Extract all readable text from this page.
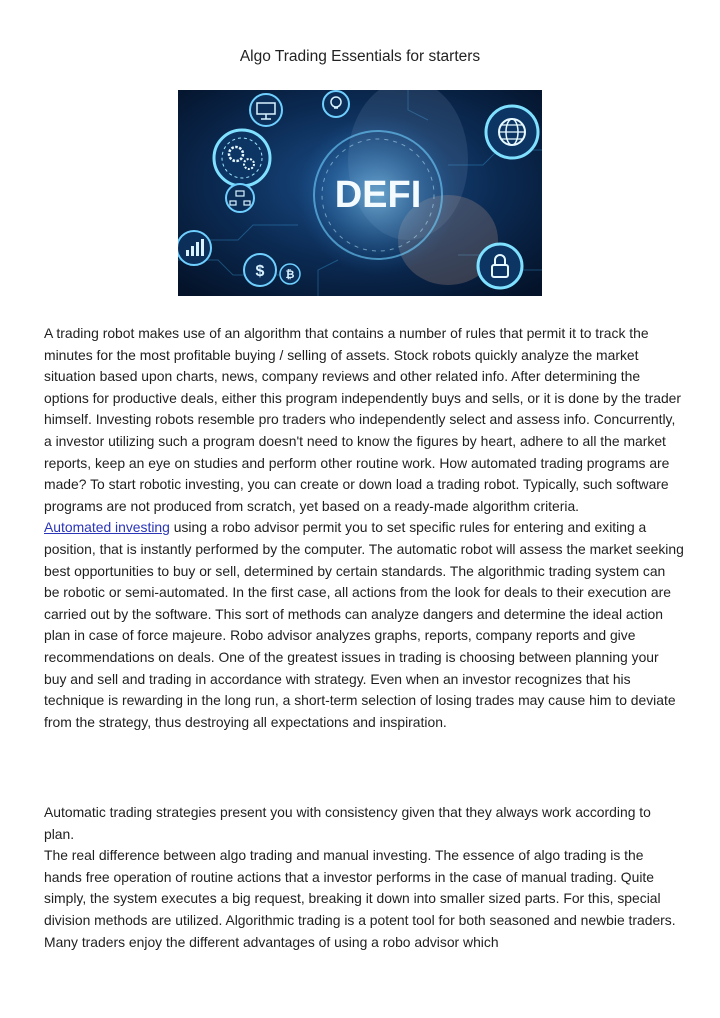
Algo Trading Essentials for starters
DEFI
$ ₿

A trading robot makes use of an algorithm that contains a number of rules that permit it to track the minutes for the most profitable buying / selling of assets. Stock robots quickly analyze the market situation based upon charts, news, company reviews and other related info. After determining the options for productive deals, either this program independently buys and sells, or it is done by the trader himself. Investing robots resemble pro traders who independently select and assess info. Concurrently, a investor utilizing such a program doesn't need to know the figures by heart, adhere to all the market reports, keep an eye on studies and perform other routine work. How automated trading programs are made? To start robotic investing, you can create or down load a trading robot. Typically, such software programs are not produced from scratch, yet based on a ready-made algorithm criteria.

Automated investing using a robo advisor permit you to set specific rules for entering and exiting a position, that is instantly performed by the computer. The automatic robot will assess the market seeking best opportunities to buy or sell, determined by certain standards. The algorithmic trading system can be robotic or semi-automated. In the first case, all actions from the look for deals to their execution are carried out by the software. This sort of methods can analyze dangers and determine the ideal action plan in case of force majeure. Robo advisor analyzes graphs, reports, company reports and give recommendations on deals. One of the greatest issues in trading is choosing between planning your buy and sell and trading in accordance with strategy. Even when an investor recognizes that his technique is rewarding in the long run, a short-term selection of losing trades may cause him to deviate from the strategy, thus destroying all expectations and inspiration.

Automatic trading strategies present you with consistency given that they always work according to plan.

The real difference between algo trading and manual investing. The essence of algo trading is the hands free operation of routine actions that a investor performs in the case of manual trading. Quite simply, the system executes a big request, breaking it down into smaller sized parts. For this, special division methods are utilized. Algorithmic trading is a potent tool for both seasoned and newbie traders. Many traders enjoy the different advantages of using a robo advisor which
